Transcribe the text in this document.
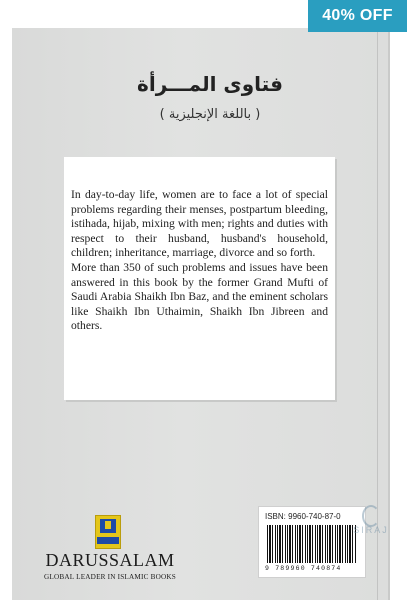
40% OFF
فتاوى المـــرأة
( باللغة الإنجليزية )

In day-to-day life, women are to face a lot of special problems regarding their menses, postpartum bleeding, istihada, hijab, mixing with men; rights and duties with respect to their husband, husband's household, children; inheritance, marriage, divorce and so forth.

More than 350 of such problems and issues have been answered in this book by the former Grand Mufti of Saudi Arabia Shaikh Ibn Baz, and the eminent scholars like Shaikh Ibn Uthaimin, Shaikh Ibn Jibreen and others.

DARUSSALAM
GLOBAL LEADER IN ISLAMIC BOOKS
ISBN: 9960-740-87-0
9 789960 740874
SIRAJ
